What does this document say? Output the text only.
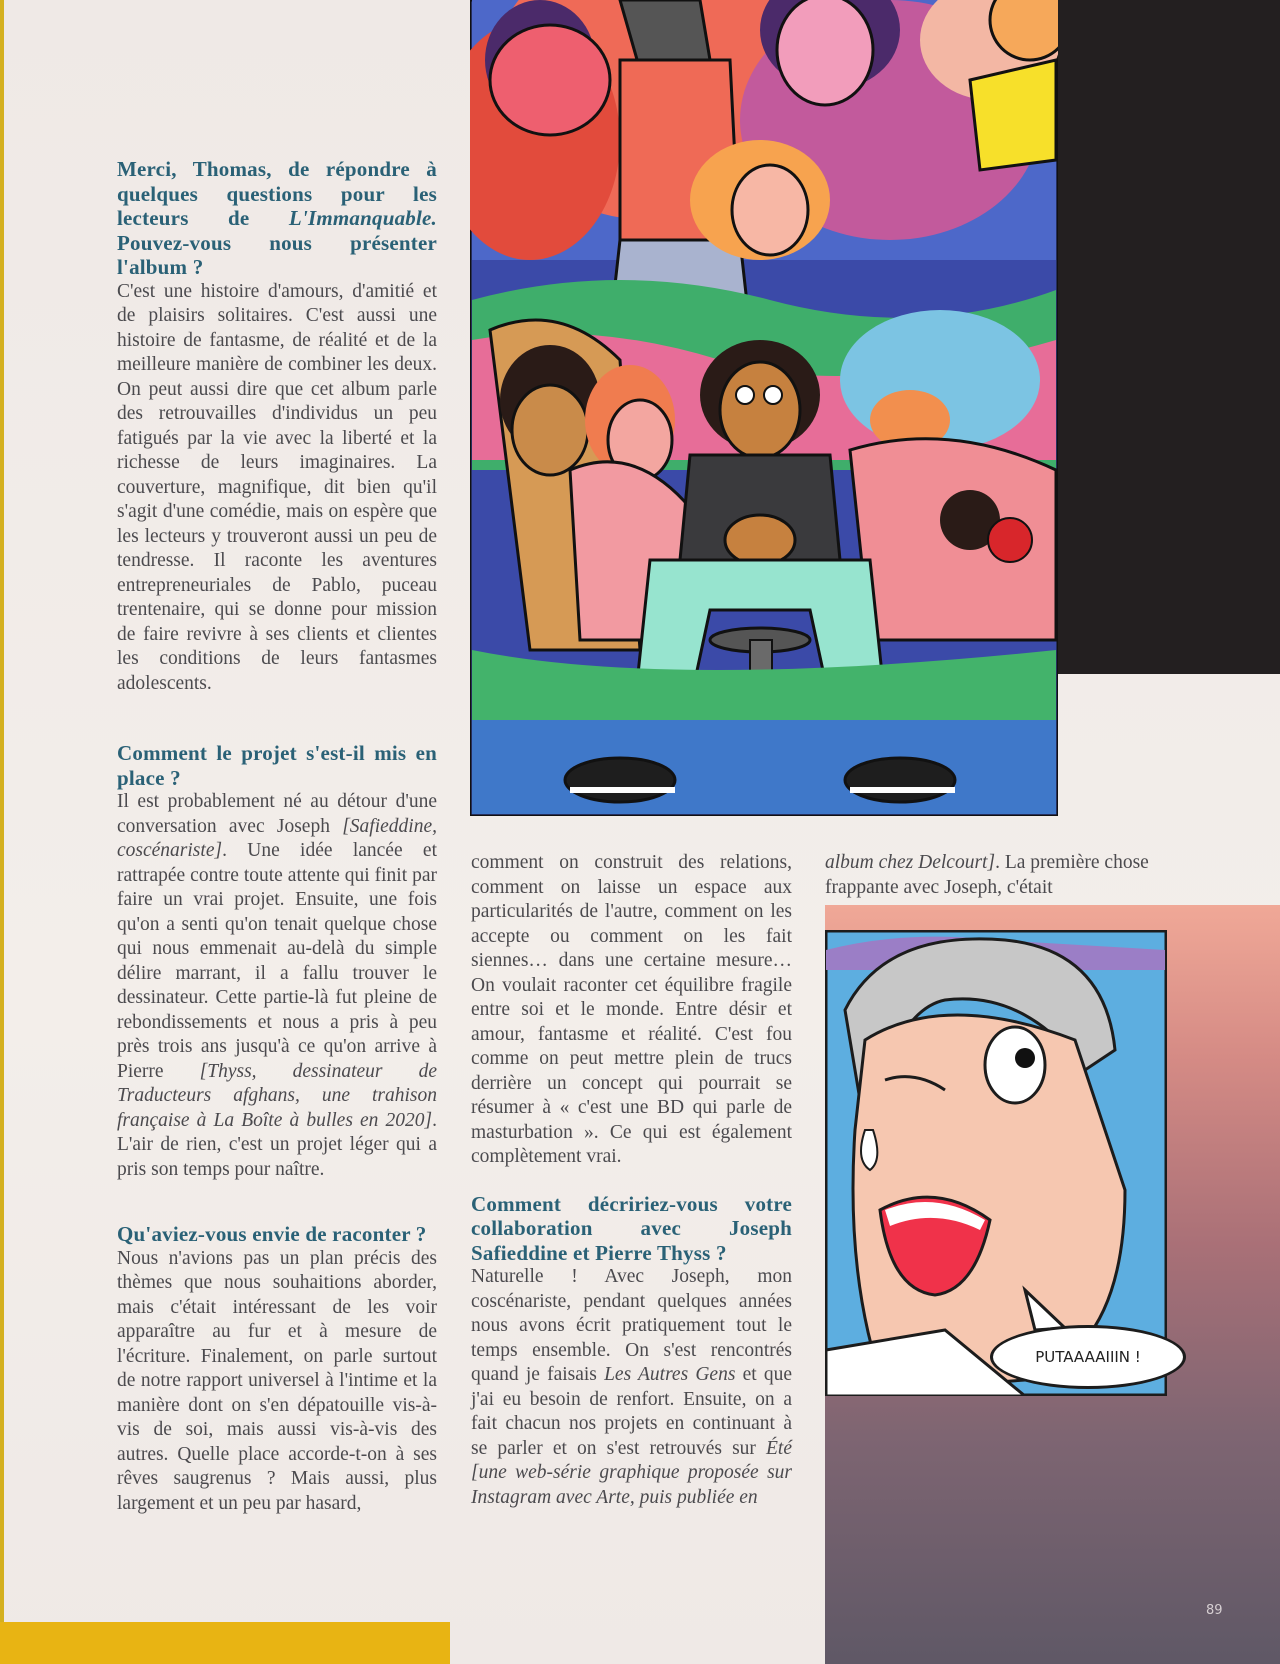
PUTAAAAIIIN !
Merci, Thomas, de répondre à quelques questions pour les lecteurs de L'Immanquable. Pouvez-vous nous présenter l'album ?

C'est une histoire d'amours, d'amitié et de plaisirs solitaires. C'est aussi une histoire de fantasme, de réalité et de la meilleure manière de combiner les deux. On peut aussi dire que cet album parle des retrouvailles d'individus un peu fatigués par la vie avec la liberté et la richesse de leurs imaginaires. La couverture, magnifique, dit bien qu'il s'agit d'une comédie, mais on espère que les lecteurs y trouveront aussi un peu de tendresse. Il raconte les aventures entrepreneuriales de Pablo, puceau trentenaire, qui se donne pour mission de faire revivre à ses clients et clientes les conditions de leurs fantasmes adolescents.

Comment le projet s'est-il mis en place ?

Il est probablement né au détour d'une conversation avec Joseph [Safieddine, coscénariste]. Une idée lancée et rattrapée contre toute attente qui finit par faire un vrai projet. Ensuite, une fois qu'on a senti qu'on tenait quelque chose qui nous emmenait au-delà du simple délire marrant, il a fallu trouver le dessinateur. Cette partie-là fut pleine de rebondissements et nous a pris à peu près trois ans jusqu'à ce qu'on arrive à Pierre [Thyss, dessinateur de Traducteurs afghans, une trahison française à La Boîte à bulles en 2020]. L'air de rien, c'est un projet léger qui a pris son temps pour naître.

Qu'aviez-vous envie de raconter ?

Nous n'avions pas un plan précis des thèmes que nous souhaitions aborder, mais c'était intéressant de les voir apparaître au fur et à mesure de l'écriture. Finalement, on parle surtout de notre rapport universel à l'intime et la manière dont on s'en dépatouille vis-à-vis de soi, mais aussi vis-à-vis des autres. Quelle place accorde-t-on à ses rêves saugrenus ? Mais aussi, plus largement et un peu par hasard,

comment on construit des relations, comment on laisse un espace aux particularités de l'autre, comment on les accepte ou comment on les fait siennes… dans une certaine mesure… On voulait raconter cet équilibre fragile entre soi et le monde. Entre désir et amour, fantasme et réalité. C'est fou comme on peut mettre plein de trucs derrière un concept qui pourrait se résumer à « c'est une BD qui parle de masturbation ». Ce qui est également complètement vrai.

Comment décririez-vous votre collaboration avec Joseph Safieddine et Pierre Thyss ?

Naturelle ! Avec Joseph, mon coscénariste, pendant quelques années nous avons écrit pratiquement tout le temps ensemble. On s'est rencontrés quand je faisais Les Autres Gens et que j'ai eu besoin de renfort. Ensuite, on a fait chacun nos projets en continuant à se parler et on s'est retrouvés sur Été [une web-série graphique proposée sur Instagram avec Arte, puis publiée en

album chez Delcourt]. La première chose frappante avec Joseph, c'était

89
